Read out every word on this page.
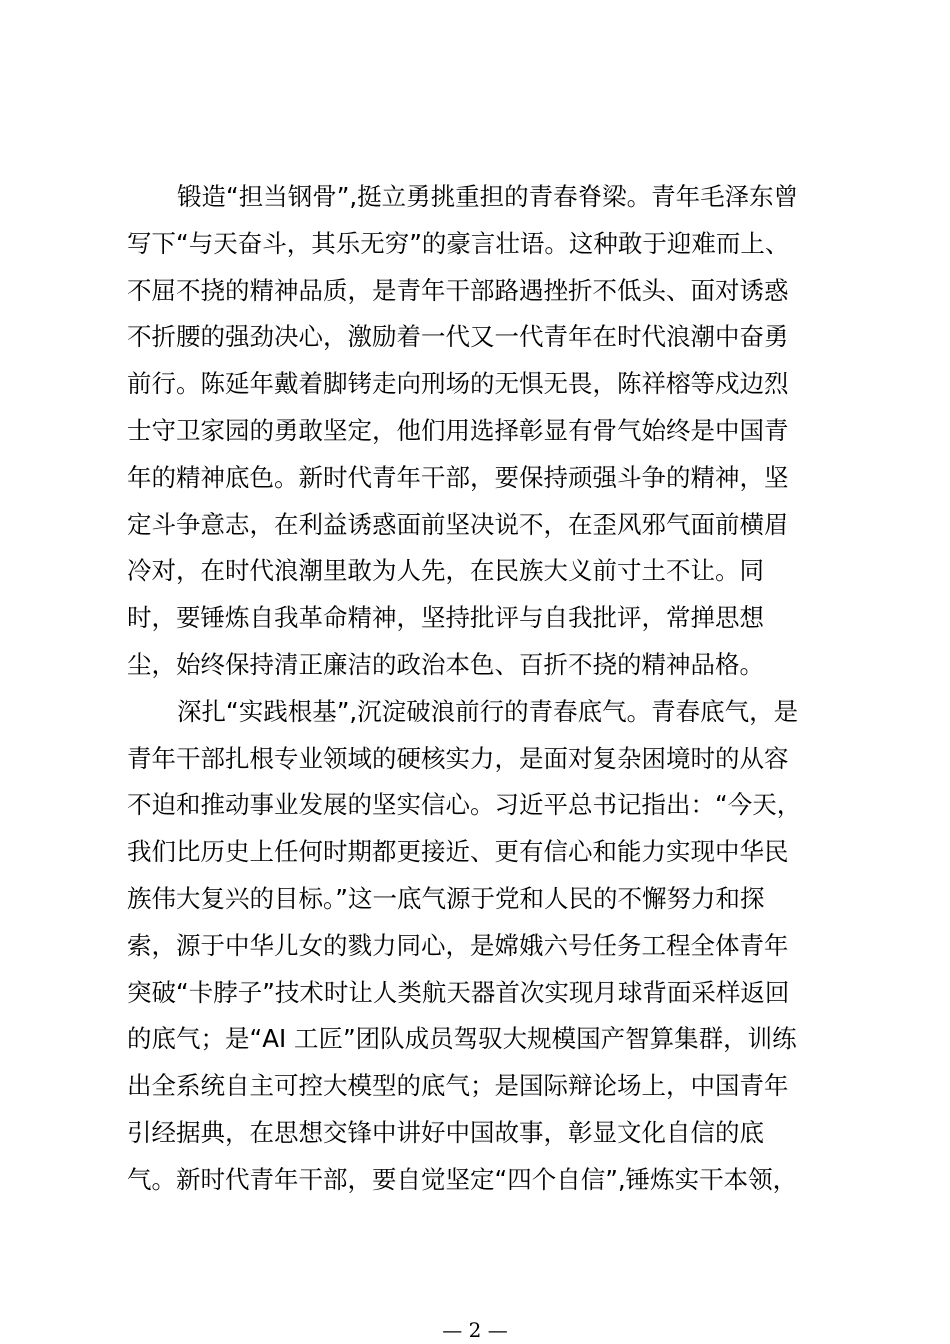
锻造“担当钢骨”,挺立勇挑重担的青春脊梁。青年毛泽东曾
写下“与天奋斗，其乐无穷”的豪言壮语。这种敢于迎难而上、
不屈不挠的精神品质，是青年干部路遇挫折不低头、面对诱惑
不折腰的强劲决心，激励着一代又一代青年在时代浪潮中奋勇
前行。陈延年戴着脚铐走向刑场的无惧无畏，陈祥榕等戍边烈
士守卫家园的勇敢坚定，他们用选择彰显有骨气始终是中国青
年的精神底色。新时代青年干部，要保持顽强斗争的精神，坚
定斗争意志，在利益诱惑面前坚决说不，在歪风邪气面前横眉
冷对，在时代浪潮里敢为人先，在民族大义前寸土不让。同
时，要锤炼自我革命精神，坚持批评与自我批评，常掸思想
尘，始终保持清正廉洁的政治本色、百折不挠的精神品格。
深扎“实践根基”,沉淀破浪前行的青春底气。青春底气，是
青年干部扎根专业领域的硬核实力，是面对复杂困境时的从容
不迫和推动事业发展的坚实信心。习近平总书记指出：“今天，
我们比历史上任何时期都更接近、更有信心和能力实现中华民
族伟大复兴的目标。”这一底气源于党和人民的不懈努力和探
索，源于中华儿女的戮力同心，是嫦娥六号任务工程全体青年
突破“卡脖子”技术时让人类航天器首次实现月球背面采样返回
的底气；是“AI 工匠”团队成员驾驭大规模国产智算集群，训练
出全系统自主可控大模型的底气；是国际辩论场上，中国青年
引经据典，在思想交锋中讲好中国故事，彰显文化自信的底
气。新时代青年干部，要自觉坚定“四个自信”,锤炼实干本领，
— 2 —
